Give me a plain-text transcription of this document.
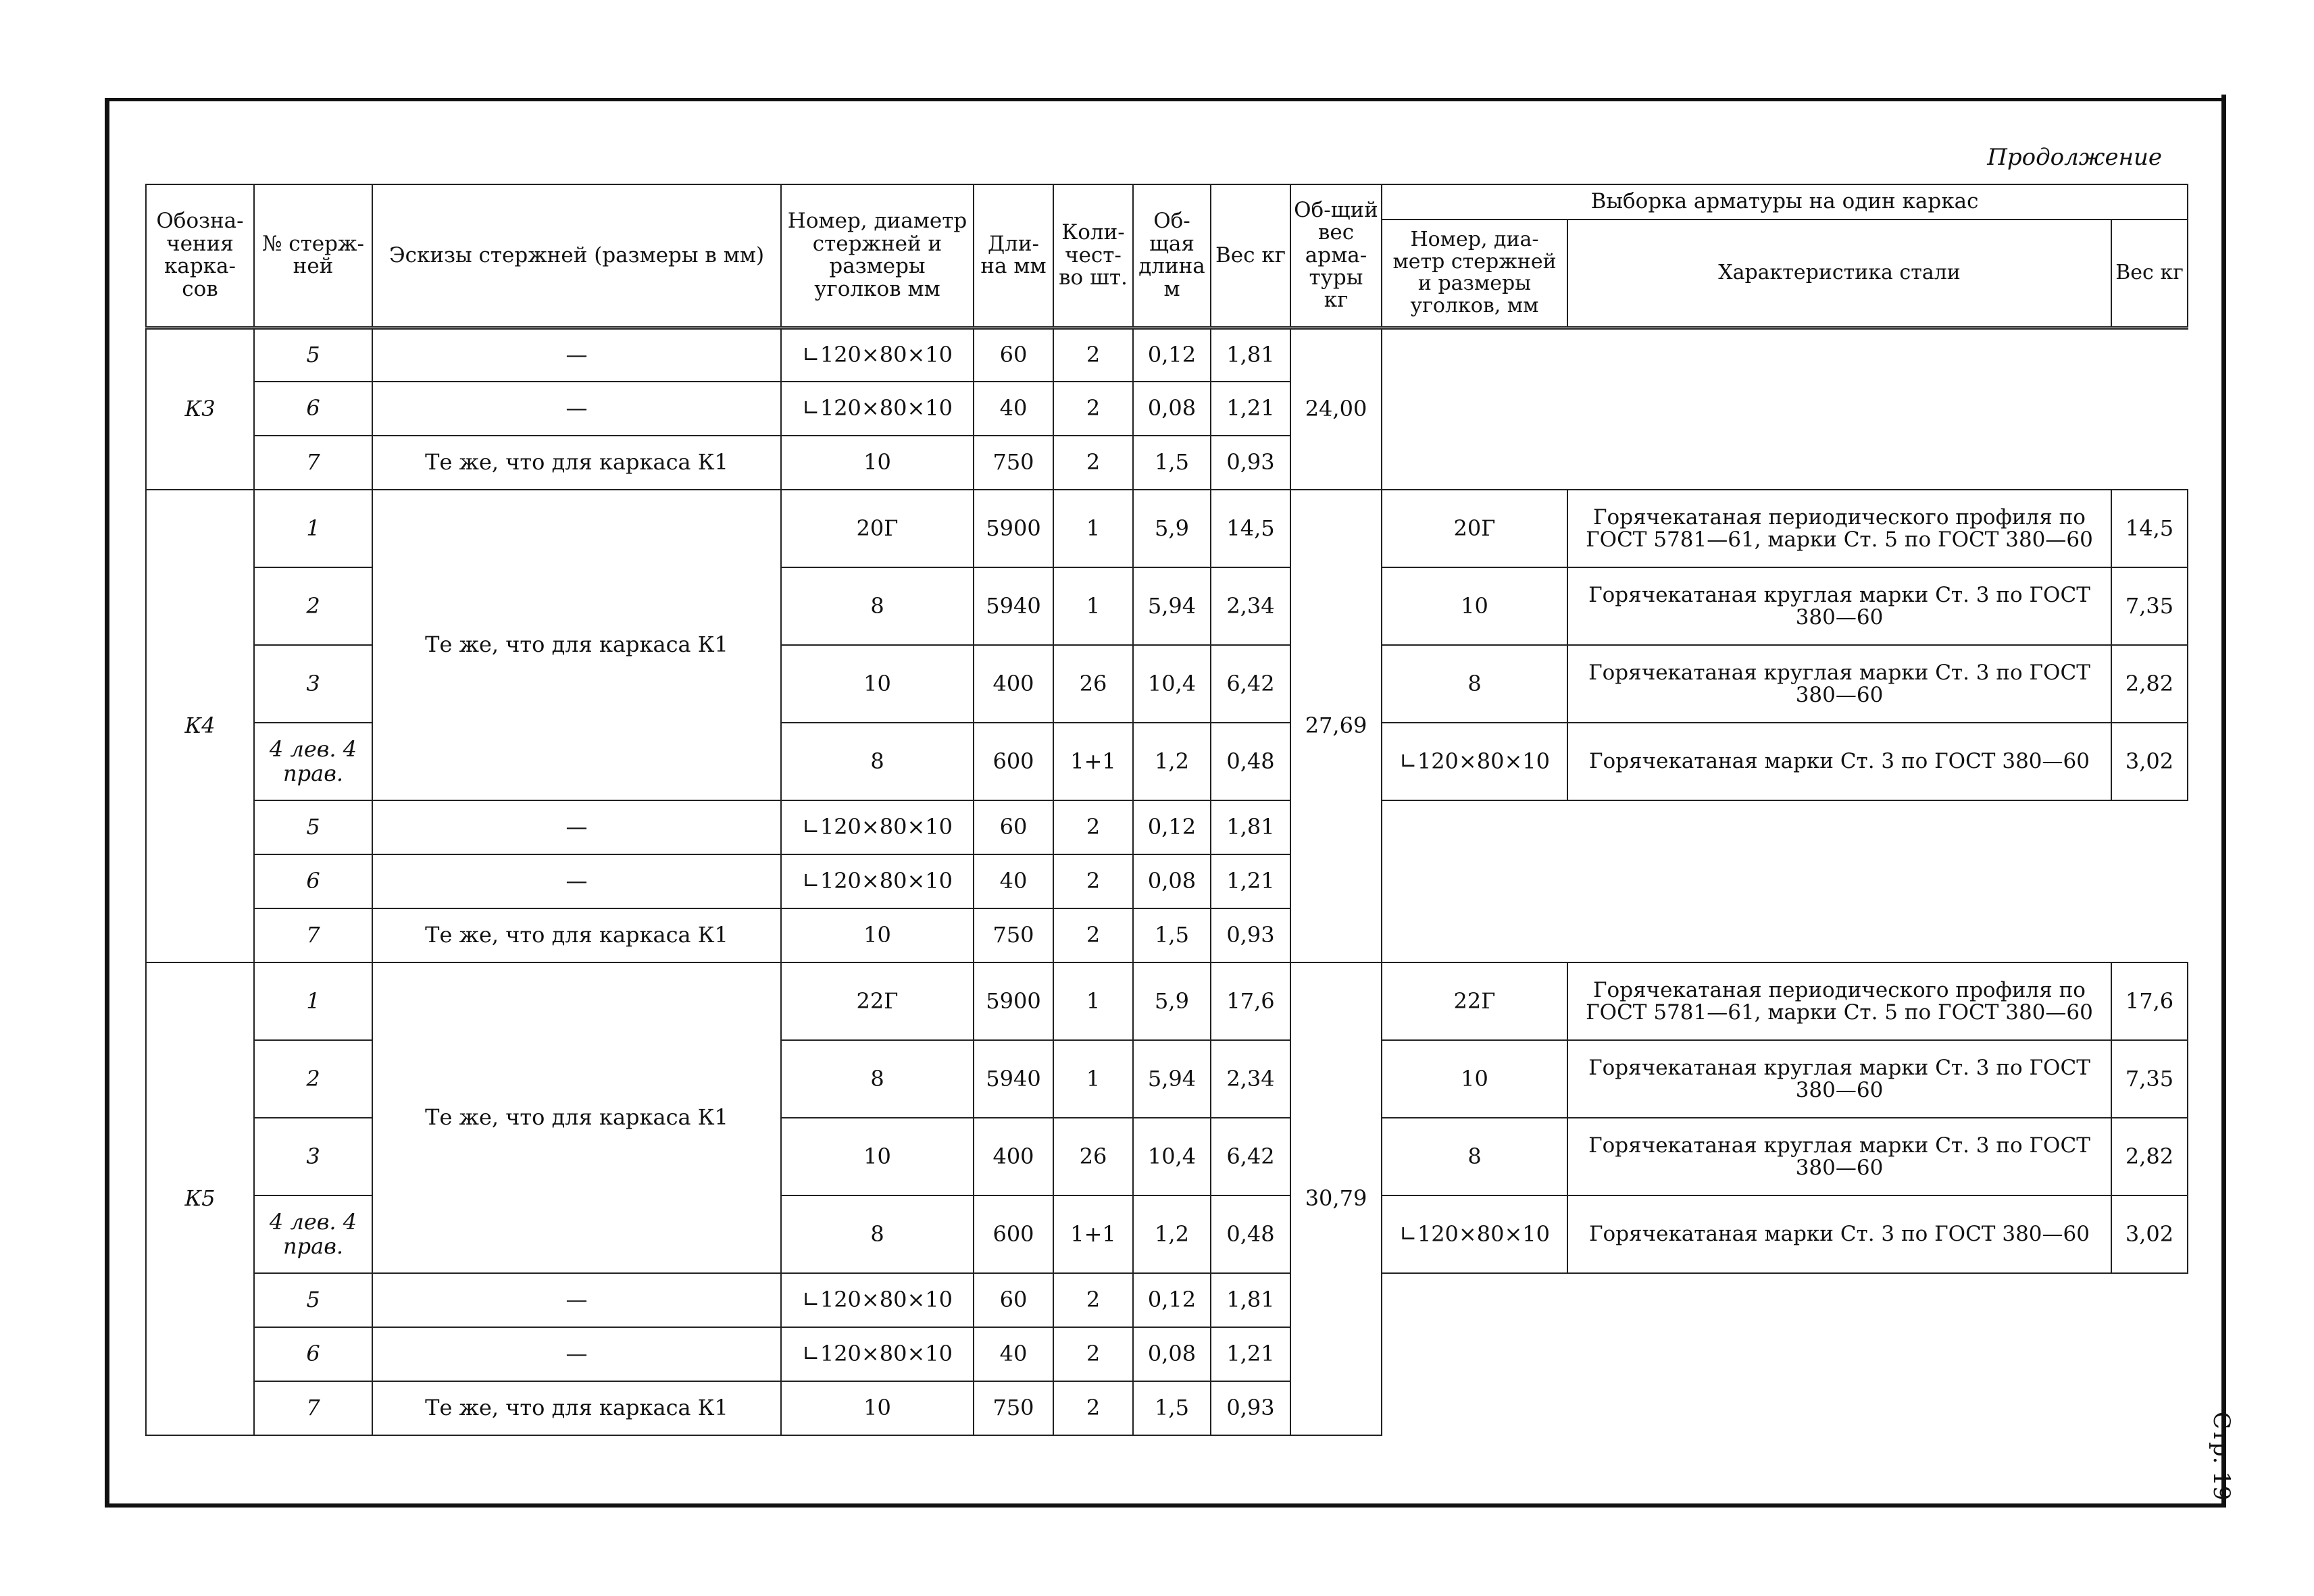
Продолжение
Стр. 19
Обозна-чения карка-сов	№ стерж-ней	Эскизы стержней (размеры в мм)	Номер, диаметр стержней и размеры уголков мм	Дли-на мм	Коли-чест-во шт.	Об-щая длина м	Вес кг	Об-щий вес арма-туры кг	Выборка арматуры на один каркас		
									Номер, диа-метр стержней и размеры уголков, мм	Характеристика стали	Вес кг
К3	5	—	∟120×80×10	60	2	0,12	1,81	24,00			
	6	—	∟120×80×10	40	2	0,08	1,21				
	7	Те же, что для каркаса К1	10	750	2	1,5	0,93				
К4	1	Те же, что для каркаса К1	20Г	5900	1	5,9	14,5	27,69	20Г	Горячекатаная периодического профиля по ГОСТ 5781—61, марки Ст. 5 по ГОСТ 380—60	14,5
	2		8	5940	1	5,94	2,34		10	Горячекатаная круглая марки Ст. 3 по ГОСТ 380—60	7,35
	3		10	400	26	10,4	6,42		8	Горячекатаная круглая марки Ст. 3 по ГОСТ 380—60	2,82
	4 лев. 4 прав.		8	600	1+1	1,2	0,48		∟120×80×10	Горячекатаная марки Ст. 3 по ГОСТ 380—60	3,02
	5	—	∟120×80×10	60	2	0,12	1,81				
	6	—	∟120×80×10	40	2	0,08	1,21				
	7	Те же, что для каркаса К1	10	750	2	1,5	0,93				
К5	1	Те же, что для каркаса К1	22Г	5900	1	5,9	17,6	30,79	22Г	Горячекатаная периодического профиля по ГОСТ 5781—61, марки Ст. 5 по ГОСТ 380—60	17,6
	2		8	5940	1	5,94	2,34		10	Горячекатаная круглая марки Ст. 3 по ГОСТ 380—60	7,35
	3		10	400	26	10,4	6,42		8	Горячекатаная круглая марки Ст. 3 по ГОСТ 380—60	2,82
	4 лев. 4 прав.		8	600	1+1	1,2	0,48		∟120×80×10	Горячекатаная марки Ст. 3 по ГОСТ 380—60	3,02
	5	—	∟120×80×10	60	2	0,12	1,81				
	6	—	∟120×80×10	40	2	0,08	1,21				
	7	Те же, что для каркаса К1	10	750	2	1,5	0,93				
